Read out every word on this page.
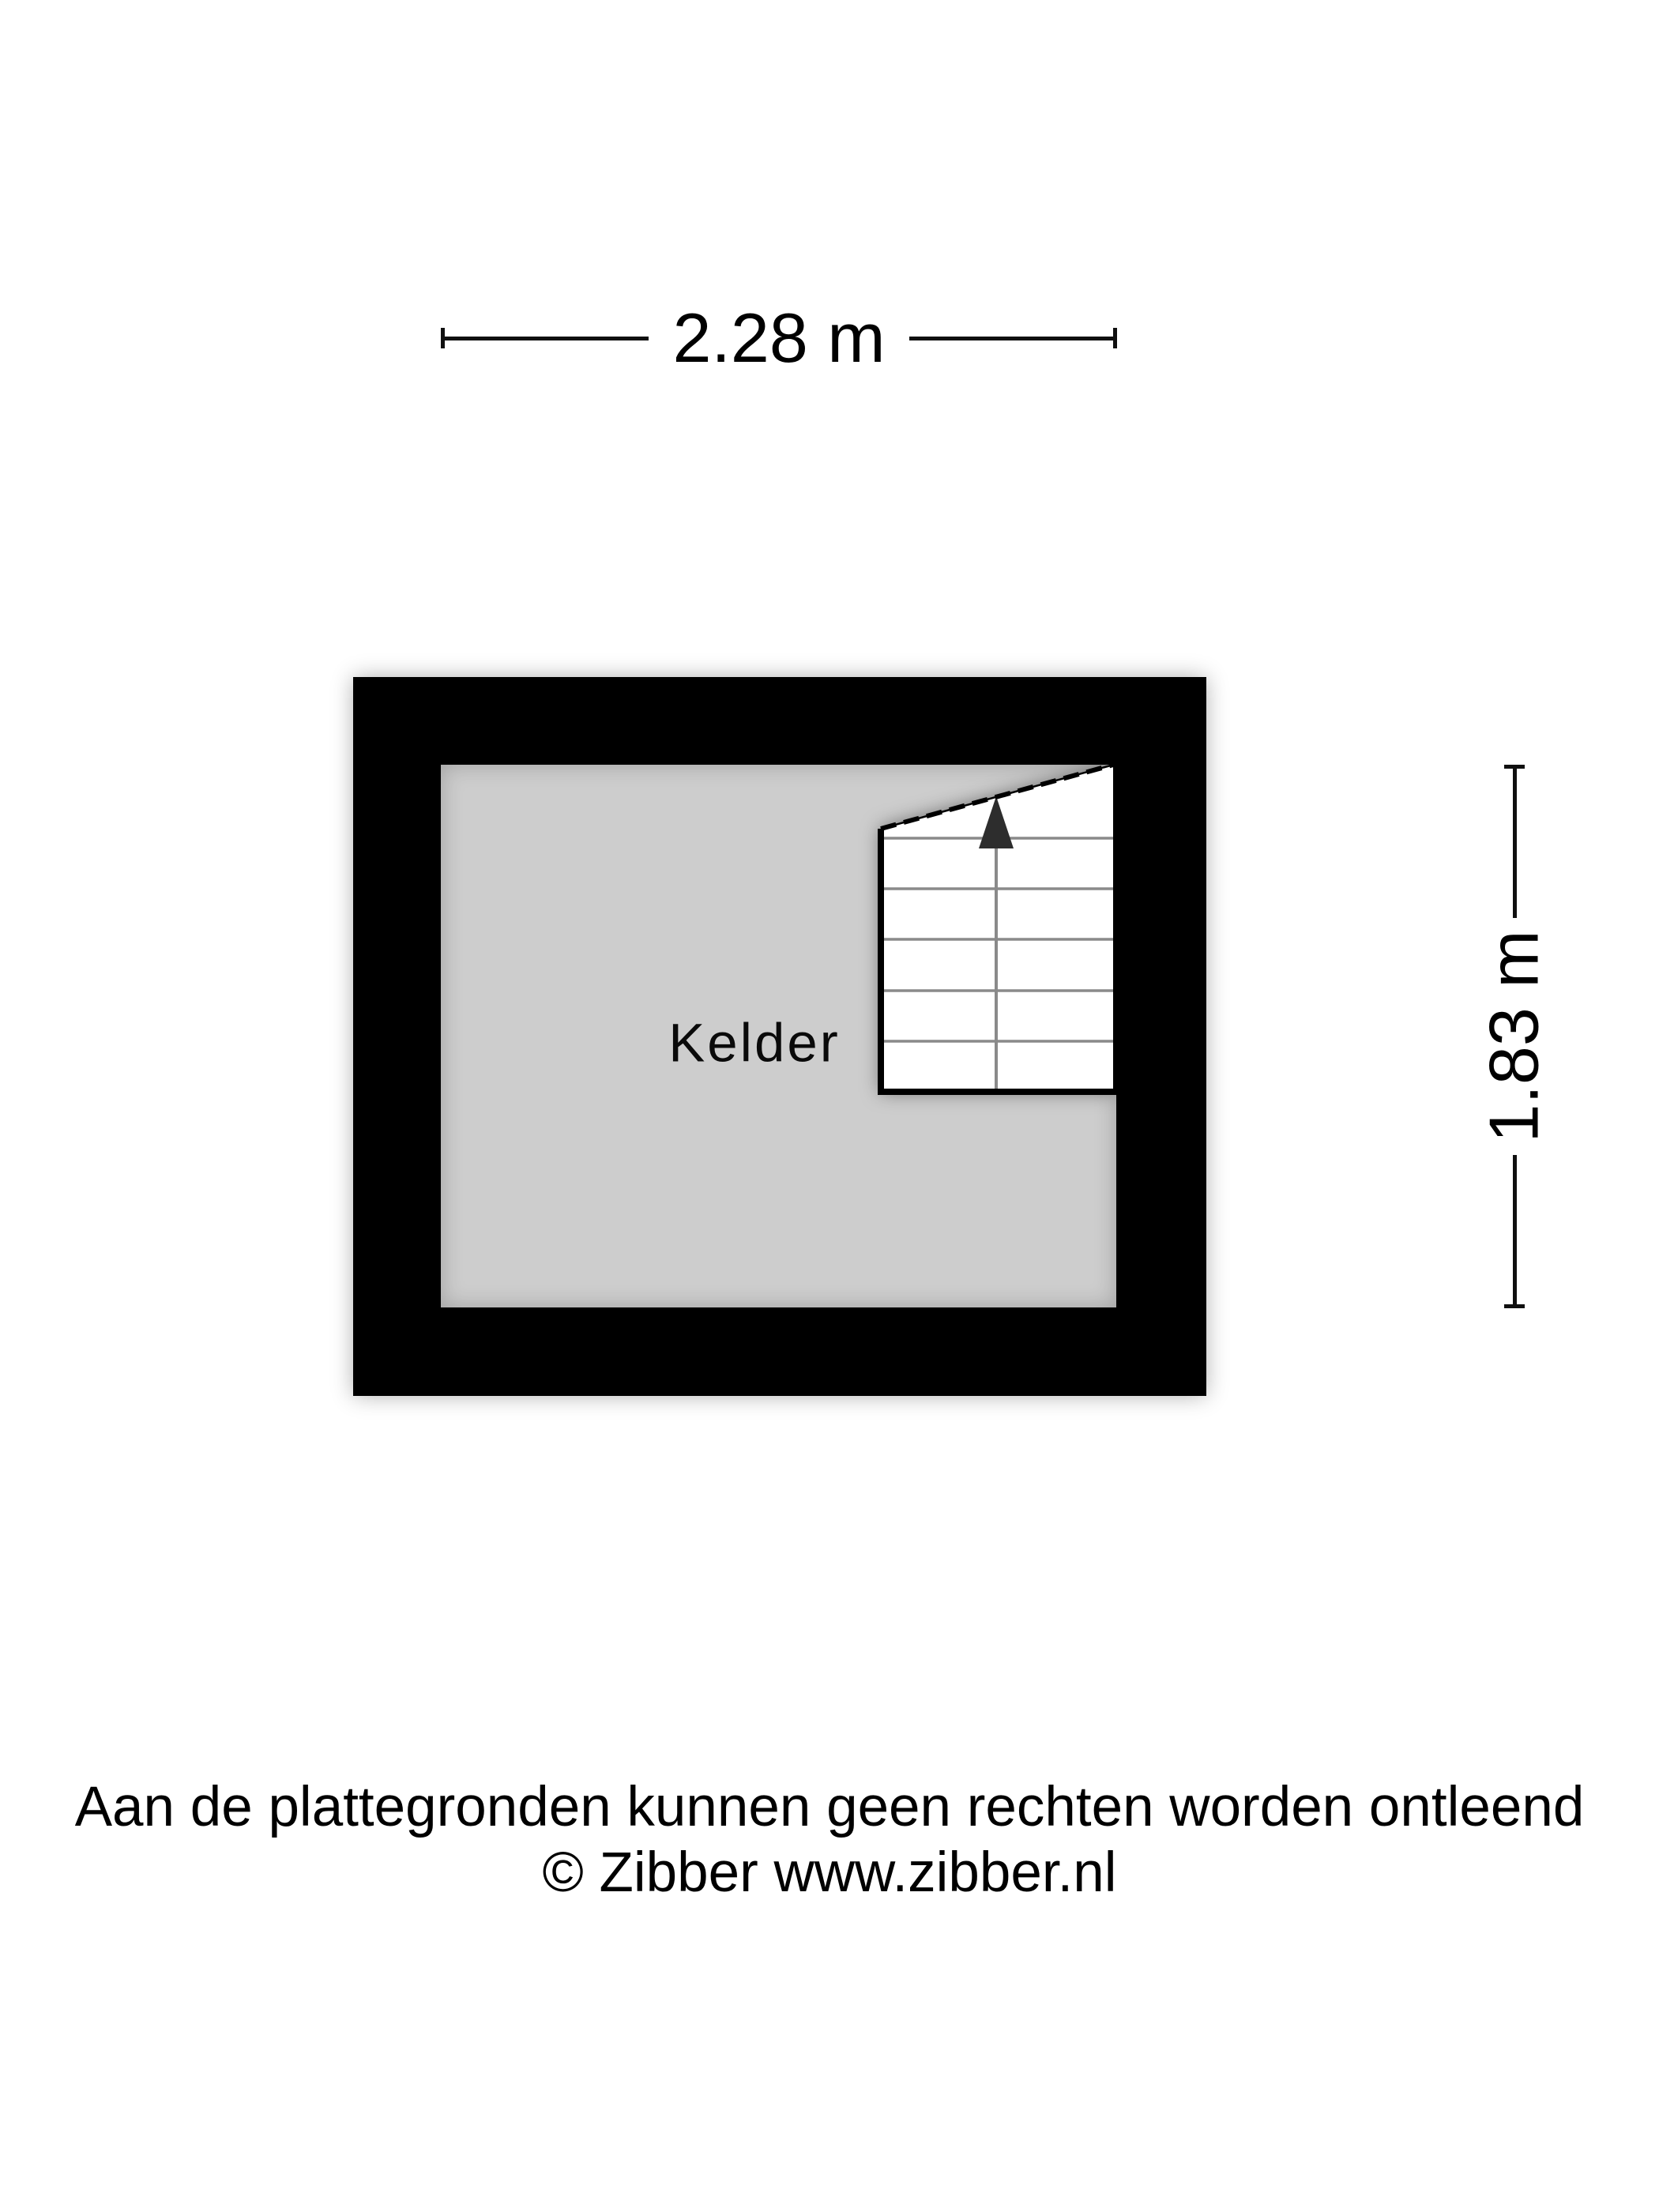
2.28 m
Kelder	1.83 m
Aan de plattegronden kunnen geen rechten worden ontleend
© Zibber www.zibber.nl
